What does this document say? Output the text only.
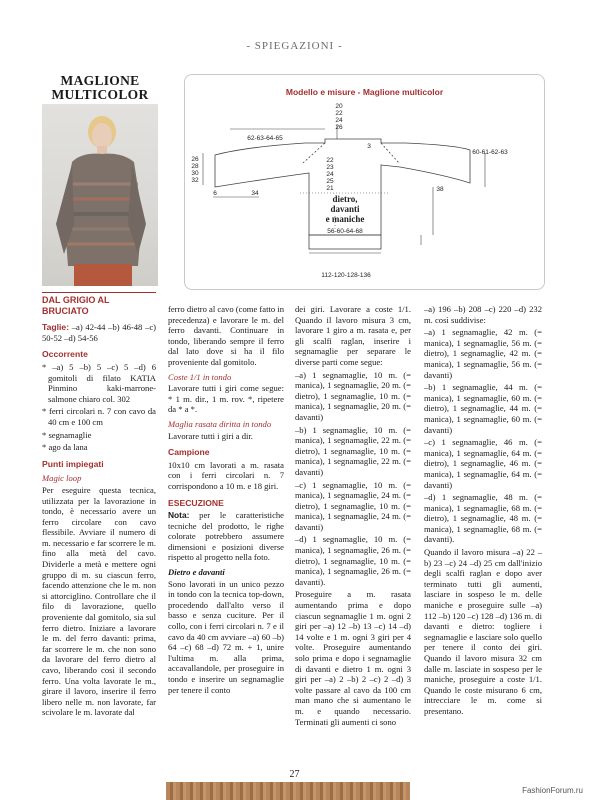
- SPIEGAZIONI -
MAGLIONE
MULTICOLOR	Modello e misure - Maglione multicolor
20
22
24
26
62-63-64-65
26
28
30
32
6	34
22
23
24
25
21
3
60-61-62-63
38
112-120-128-136
56-60-64-68
dietro,
davanti
e maniche
DAL GRIGIO AL BRUCIATO

Taglie: –a) 42-44 –b) 46-48 –c) 50-52 –d) 54-56

Occorrente

* –a) 5 –b) 5 –c) 5 –d) 6 gomitoli di filato KATIA Pinmino kaki-marrone-salmone chiaro col. 302

* ferri circolari n. 7 con cavo da 40 cm e 100 cm

* segnamaglie

* ago da lana

Punti impiegati
Magic loop

Per eseguire questa tecnica, utilizzata per la lavorazione in tondo, è necessario avere un ferro circolare con cavo flessibile. Avviare il numero di m. necessario e far scorrere le m. fino alla metà del cavo. Dividerle a metà e mettere ogni gruppo di m. su ciascun ferro, facendo attenzione che le m. non si attorciglino. Controllare che il filo di lavorazione, quello proveniente dal gomitolo, sia sul ferro dietro. Iniziare a lavorare le m. del ferro davanti: prima, far scorrere le m. che non sono da lavorare del ferro dietro al cavo, liberando così il secondo ferro. Una volta lavorate le m., girare il lavoro, inserire il ferro libero nelle m. non lavorate, far scivolare le m. lavorate dal

ferro dietro al cavo (come fatto in precedenza) e lavorare le m. del ferro davanti. Continuare in tondo, liberando sempre il ferro dal lato dove si ha il filo proveniente dal gomitolo.

Coste 1/1 in tondo

Lavorare tutti i giri come segue: * 1 m. dir., 1 m. rov. *, ripetere da * a *.

Maglia rasata diritta in tondo

Lavorare tutti i giri a dir.

Campione

10x10 cm lavorati a m. rasata con i ferri circolari n. 7 corrispondono a 10 m. e 18 giri.

ESECUZIONE

Nota: per le caratteristiche tecniche del prodotto, le righe colorate potrebbero assumere dimensioni e posizioni diverse rispetto al progetto nella foto.

Dietro e davanti

Sono lavorati in un unico pezzo in tondo con la tecnica top-down, procedendo dall'alto verso il basso e senza cuciture. Per il collo, con i ferri circolari n. 7 e il cavo da 40 cm avviare –a) 60 –b) 64 –c) 68 –d) 72 m. + 1, unire l'ultima m. alla prima, accavallandole, per proseguire in tondo e inserire un segnamaglie per tenere il conto

dei giri. Lavorare a coste 1/1. Quando il lavoro misura 3 cm, lavorare 1 giro a m. rasata e, per gli scalfi raglan, inserire i segnamaglie per separare le diverse parti come segue:

–a) 1 segnamaglie, 10 m. (= manica), 1 segnamaglie, 20 m. (= dietro), 1 segnamaglie, 10 m. (= manica), 1 segnamaglie, 20 m. (= davanti)

–b) 1 segnamaglie, 10 m. (= manica), 1 segnamaglie, 22 m. (= dietro), 1 segnamaglie, 10 m. (= manica), 1 segnamaglie, 22 m. (= davanti)

–c) 1 segnamaglie, 10 m. (= manica), 1 segnamaglie, 24 m. (= dietro), 1 segnamaglie, 10 m. (= manica), 1 segnamaglie, 24 m. (= davanti)

–d) 1 segnamaglie, 10 m. (= manica), 1 segnamaglie, 26 m. (= dietro), 1 segnamaglie, 10 m. (= manica), 1 segnamaglie, 26 m. (= davanti).

Proseguire a m. rasata aumentando prima e dopo ciascun segnamaglie 1 m. ogni 2 giri per –a) 12 –b) 13 –c) 14 –d) 14 volte e 1 m. ogni 3 giri per 4 volte. Proseguire aumentando solo prima e dopo i segnamaglie di davanti e dietro 1 m. ogni 3 giri per –a) 2 –b) 2 –c) 2 –d) 3 volte passare al cavo da 100 cm man mano che si aumentano le m. e quando necessario. Terminati gli aumenti ci sono

–a) 196 –b) 208 –c) 220 –d) 232 m. così suddivise:

–a) 1 segnamaglie, 42 m. (= manica), 1 segnamaglie, 56 m. (= dietro), 1 segnamaglie, 42 m. (= manica), 1 segnamaglie, 56 m. (= davanti)

–b) 1 segnamaglie, 44 m. (= manica), 1 segnamaglie, 60 m. (= dietro), 1 segnamaglie, 44 m. (= manica), 1 segnamaglie, 60 m. (= davanti)

–c) 1 segnamaglie, 46 m. (= manica), 1 segnamaglie, 64 m. (= dietro), 1 segnamaglie, 46 m. (= manica), 1 segnamaglie, 64 m. (= davanti)

–d) 1 segnamaglie, 48 m. (= manica), 1 segnamaglie, 68 m. (= dietro), 1 segnamaglie, 48 m. (= manica), 1 segnamaglie, 68 m. (= davanti).

Quando il lavoro misura –a) 22 –b) 23 –c) 24 –d) 25 cm dall'inizio degli scalfi raglan e dopo aver terminato tutti gli aumenti, lasciare in sospeso le m. delle maniche e proseguire sulle –a) 112 –b) 120 –c) 128 –d) 136 m. di davanti e dietro: togliere i segnamaglie e lasciare solo quello per tenere il conto dei giri. Quando il lavoro misura 32 cm dalle m. lasciate in sospeso per le maniche, proseguire a coste 1/1. Quando le coste misurano 6 cm, intrecciare le m. come si presentano.

27
FashionForum.ru
